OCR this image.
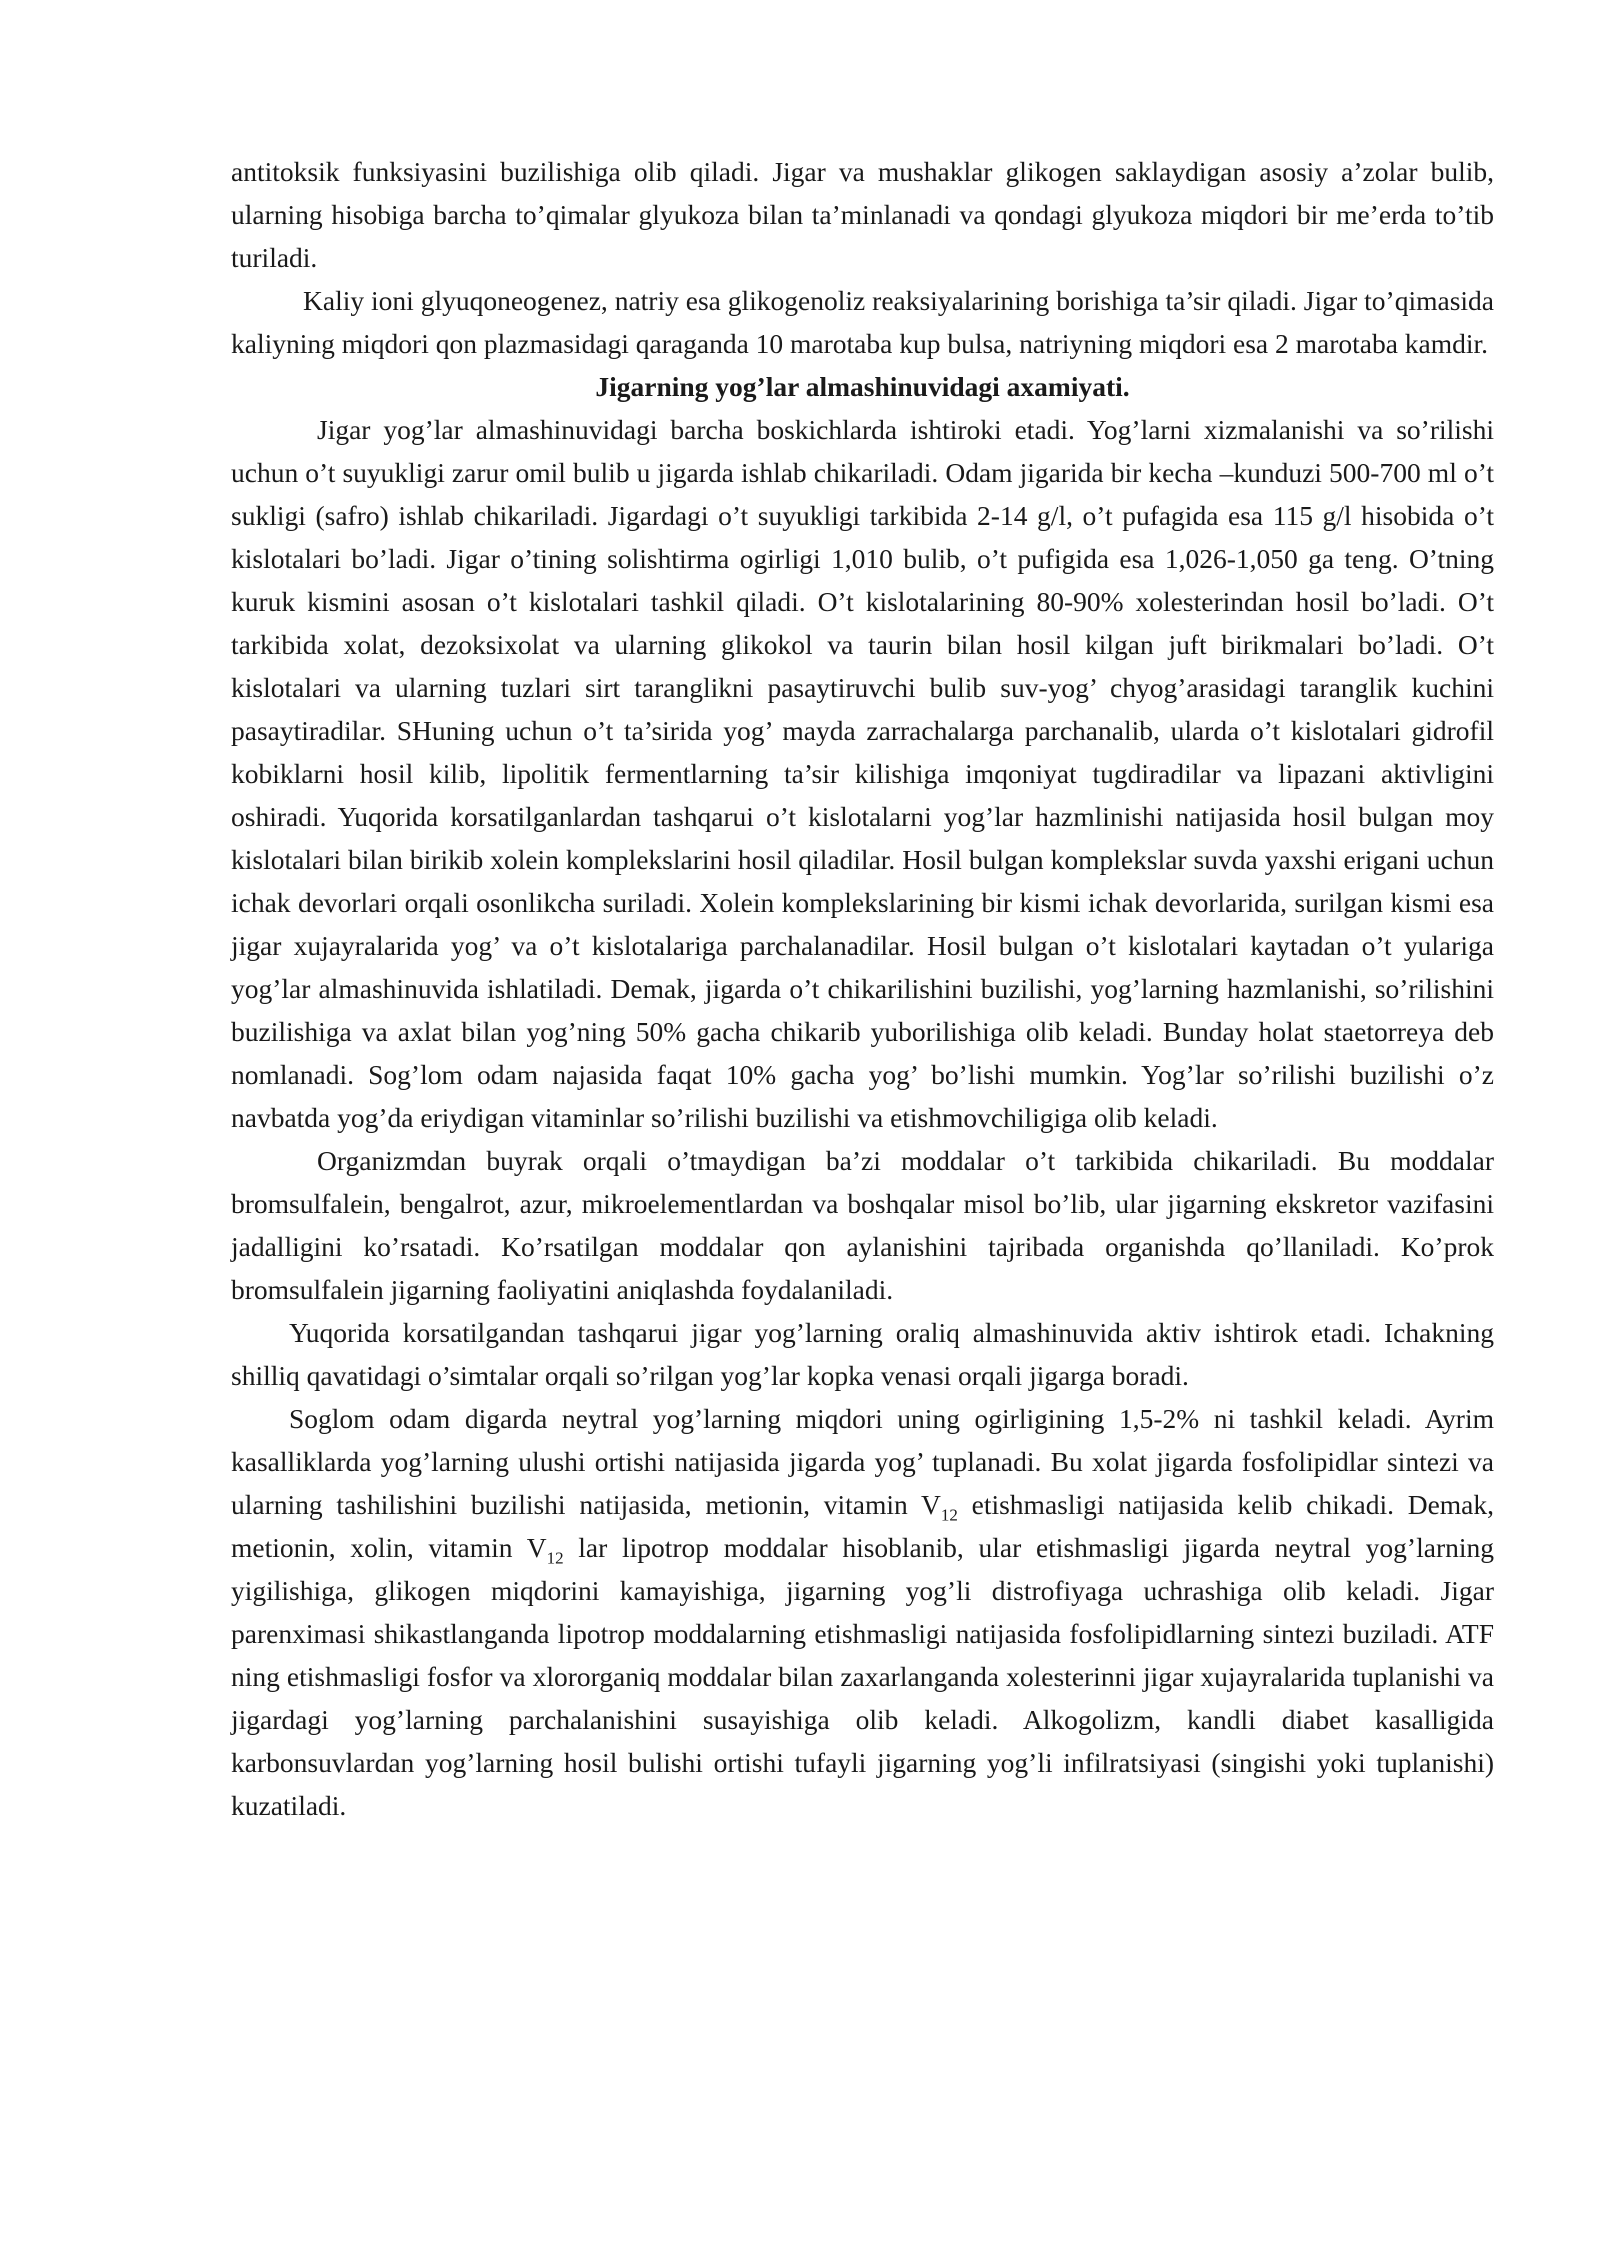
antitoksik funksiyasini buzilishiga olib qiladi. Jigar va mushaklar glikogen saklaydigan asosiy a’zolar bulib, ularning hisobiga barcha to’qimalar glyukoza bilan ta’minlanadi va qondagi glyukoza miqdori bir me’erda to’tib turiladi.

Kaliy ioni glyuqoneogenez, natriy esa glikogenoliz reaksiyalarining borishiga ta’sir qiladi. Jigar to’qimasida kaliyning miqdori qon plazmasidagi qaraganda 10 marotaba kup bulsa, natriyning miqdori esa 2 marotaba kamdir.

Jigarning yog’lar almashinuvidagi axamiyati.

Jigar yog’lar almashinuvidagi barcha boskichlarda ishtiroki etadi. Yog’larni xizmalanishi va so’rilishi uchun o’t suyukligi zarur omil bulib u jigarda ishlab chikariladi. Odam jigarida bir kecha –kunduzi 500-700 ml o’t sukligi (safro) ishlab chikariladi. Jigardagi o’t suyukligi tarkibida 2-14 g/l, o’t pufagida esa 115 g/l hisobida o’t kislotalari bo’ladi. Jigar o’tining solishtirma ogirligi 1,010 bulib, o’t pufigida esa 1,026-1,050 ga teng. O’tning kuruk kismini asosan o’t kislotalari tashkil qiladi. O’t kislotalarining 80-90% xolesterindan hosil bo’ladi. O’t tarkibida xolat, dezoksixolat va ularning glikokol va taurin bilan hosil kilgan juft birikmalari bo’ladi. O’t kislotalari va ularning tuzlari sirt taranglikni pasaytiruvchi bulib suv-yog’ chyog’arasidagi taranglik kuchini pasaytiradilar. SHuning uchun o’t ta’sirida yog’ mayda zarrachalarga parchanalib, ularda o’t kislotalari gidrofil kobiklarni hosil kilib, lipolitik fermentlarning ta’sir kilishiga imqoniyat tugdiradilar va lipazani aktivligini oshiradi. Yuqorida korsatilganlardan tashqarui o’t kislotalarni yog’lar hazmlinishi natijasida hosil bulgan moy kislotalari bilan birikib xolein komplekslarini hosil qiladilar. Hosil bulgan komplekslar suvda yaxshi erigani uchun ichak devorlari orqali osonlikcha suriladi. Xolein komplekslarining bir kismi ichak devorlarida, surilgan kismi esa jigar xujayralarida yog’ va o’t kislotalariga parchalanadilar. Hosil bulgan o’t kislotalari kaytadan o’t yulariga yog’lar almashinuvida ishlatiladi. Demak, jigarda o’t chikarilishini buzilishi, yog’larning hazmlanishi, so’rilishini buzilishiga va axlat bilan yog’ning 50% gacha chikarib yuborilishiga olib keladi. Bunday holat staetorreya deb nomlanadi. Sog’lom odam najasida faqat 10% gacha yog’ bo’lishi mumkin. Yog’lar so’rilishi buzilishi o’z navbatda yog’da eriydigan vitaminlar so’rilishi buzilishi va etishmovchiligiga olib keladi.

Organizmdan buyrak orqali o’tmaydigan ba’zi moddalar o’t tarkibida chikariladi. Bu moddalar bromsulfalein, bengalrot, azur, mikroelementlardan va boshqalar misol bo’lib, ular jigarning ekskretor vazifasini jadalligini ko’rsatadi. Ko’rsatilgan moddalar qon aylanishini tajribada organishda qo’llaniladi. Ko’prok bromsulfalein jigarning faoliyatini aniqlashda foydalaniladi.

Yuqorida korsatilgandan tashqarui jigar yog’larning oraliq almashinuvida aktiv ishtirok etadi. Ichakning shilliq qavatidagi o’simtalar orqali so’rilgan yog’lar kopka venasi orqali jigarga boradi.

Soglom odam digarda neytral yog’larning miqdori uning ogirligining 1,5-2% ni tashkil keladi. Ayrim kasalliklarda yog’larning ulushi ortishi natijasida jigarda yog’ tuplanadi. Bu xolat jigarda fosfolipidlar sintezi va ularning tashilishini buzilishi natijasida, metionin, vitamin $V_{12}$ etishmasligi natijasida kelib chikadi. Demak, metionin, xolin, vitamin $V_{12}$ lar lipotrop moddalar hisoblanib, ular etishmasligi jigarda neytral yog’larning yigilishiga, glikogen miqdorini kamayishiga, jigarning yog’li distrofiyaga uchrashiga olib keladi. Jigar parenximasi shikastlanganda lipotrop moddalarning etishmasligi natijasida fosfolipidlarning sintezi buziladi. ATF ning etishmasligi fosfor va xlororganiq moddalar bilan zaxarlanganda xolesterinni jigar xujayralarida tuplanishi va jigardagi yog’larning parchalanishini susayishiga olib keladi. Alkogolizm, kandli diabet kasalligida karbonsuvlardan yog’larning hosil bulishi ortishi tufayli jigarning yog’li infilratsiyasi (singishi yoki tuplanishi) kuzatiladi.
